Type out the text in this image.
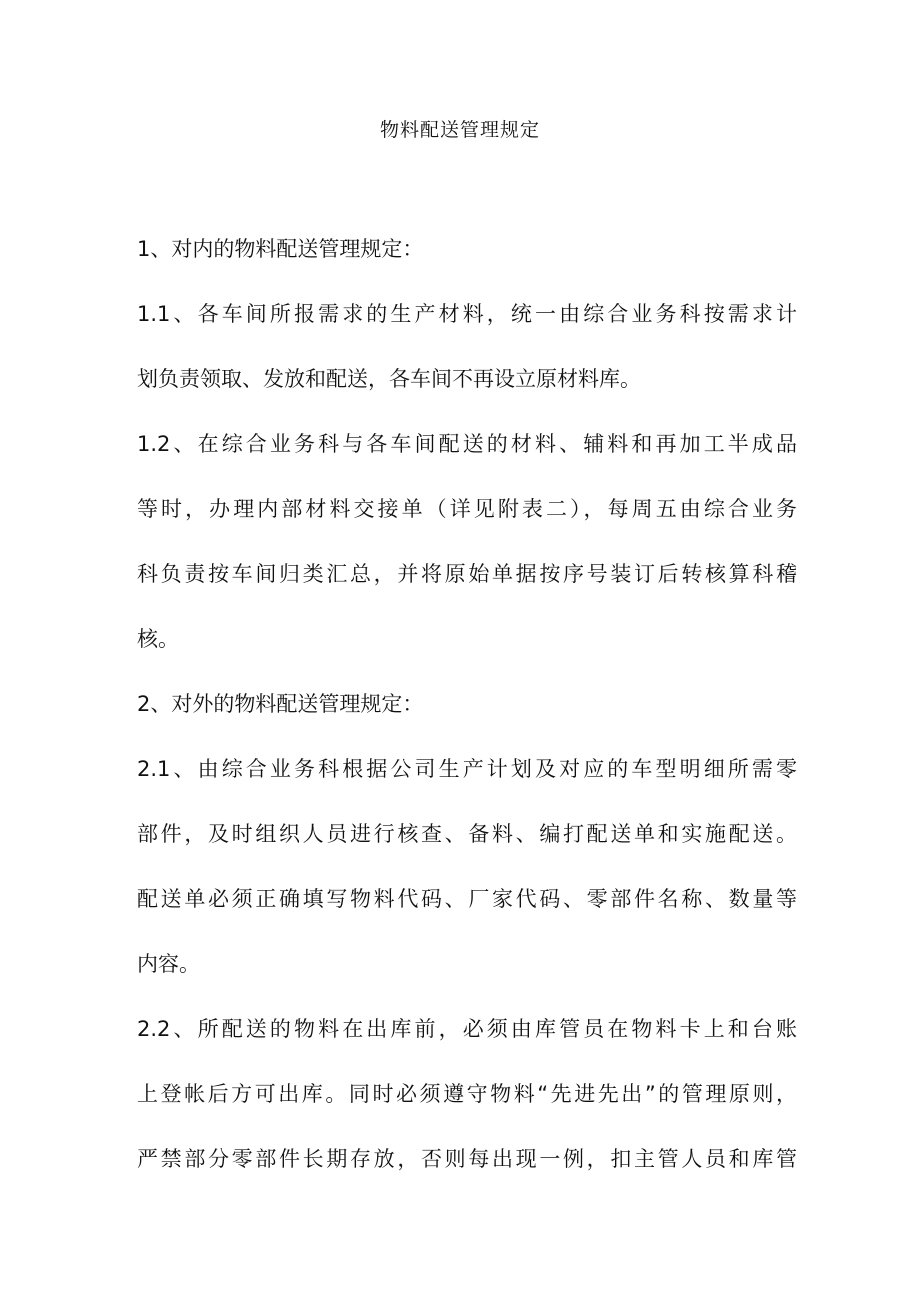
物料配送管理规定
1、对内的物料配送管理规定：
1.1、各车间所报需求的生产材料，统一由综合业务科按需求计
划负责领取、发放和配送，各车间不再设立原材料库。
1.2、在综合业务科与各车间配送的材料、辅料和再加工半成品
等时，办理内部材料交接单（详见附表二），每周五由综合业务
科负责按车间归类汇总，并将原始单据按序号装订后转核算科稽
核。
2、对外的物料配送管理规定：
2.1、由综合业务科根据公司生产计划及对应的车型明细所需零
部件，及时组织人员进行核查、备料、编打配送单和实施配送。
配送单必须正确填写物料代码、厂家代码、零部件名称、数量等
内容。
2.2、所配送的物料在出库前，必须由库管员在物料卡上和台账
上登帐后方可出库。同时必须遵守物料“先进先出”的管理原则，
严禁部分零部件长期存放，否则每出现一例，扣主管人员和库管
